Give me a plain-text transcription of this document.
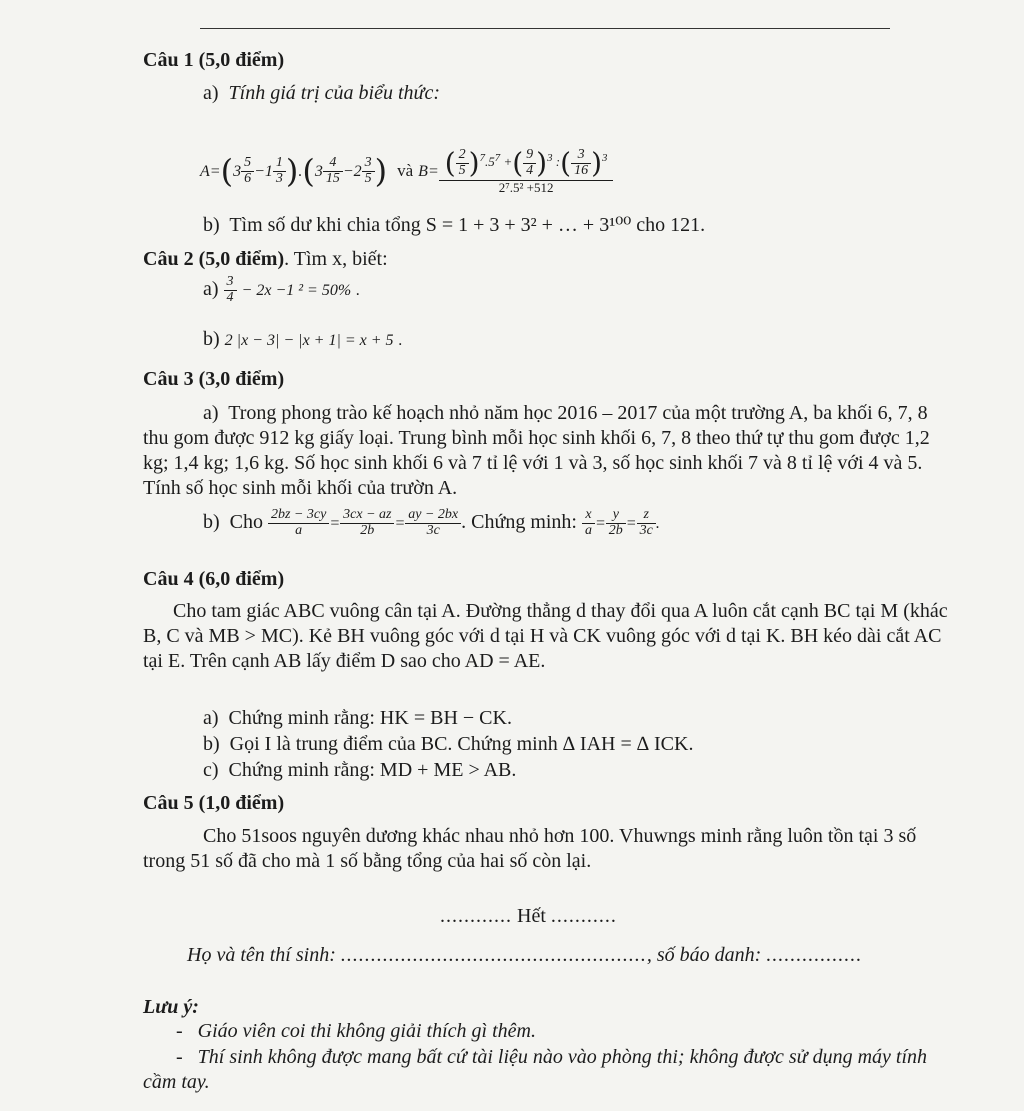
Câu 1 (5,0 điểm)
a) Tính giá trị của biểu thức:
$A=(3 \frac{5}{6} -1 \frac{1}{3} ).(3 \frac{4}{15} -2 \frac{3}{5}$ ) và $B= \frac{( \frac{2}{5} )^7.5^7 +( \frac{9}{4} )^3 :( \frac{3}{16} )^3}{\text{2⁷.5² +512}}$
b) Tìm số dư khi chia tổng S = 1 + 3 + 3² + … + 3¹⁰⁰ cho 121.
Câu 2 (5,0 điểm). Tìm x, biết:
$a) \frac{3}{4} - 2x -1$ ² = 50% .
b) 2 |x − 3| − |x + 1| = x + 5 .
Câu 3 (3,0 điểm)
a) Trong phong trào kế hoạch nhỏ năm học 2016 – 2017 của một trường A, ba khối 6, 7, 8 thu gom được 912 kg giấy loại. Trung bình mỗi học sinh khối 6, 7, 8 theo thứ tự thu gom được 1,2 kg; 1,4 kg; 1,6 kg. Số học sinh khối 6 và 7 tỉ lệ với 1 và 3, số học sinh khối 7 và 8 tỉ lệ với 4 và 5. Tính số học sinh mỗi khối của trườn A.
b) Cho $\frac{2bz - 3cy}{a} = \frac{3cx - az}{2b} = \frac{ay - 2bx}{3c}$ . Chứng minh: $\frac{x}{a} = \frac{y}{2b} = \frac{z}{3c}$ .
Câu 4 (6,0 điểm)
Cho tam giác ABC vuông cân tại A. Đường thẳng d thay đổi qua A luôn cắt cạnh BC tại M (khác B, C và MB > MC). Kẻ BH vuông góc với d tại H và CK vuông góc với d tại K. BH kéo dài cắt AC tại E. Trên cạnh AB lấy điểm D sao cho AD = AE.
a) Chứng minh rằng: HK = BH − CK.
b) Gọi I là trung điểm của BC. Chứng minh ∆ IAH = ∆ ICK.
c) Chứng minh rằng: MD + ME > AB.
Câu 5 (1,0 điểm)
Cho 51soos nguyên dương khác nhau nhỏ hơn 100. Vhuwngs minh rằng luôn tồn tại 3 số trong 51 số đã cho mà 1 số bằng tổng của hai số còn lại.
............ Hết ...........
Họ và tên thí sinh: ..................................................., số báo danh: ................
Lưu ý:
- Giáo viên coi thi không giải thích gì thêm.
- Thí sinh không được mang bất cứ tài liệu nào vào phòng thi; không được sử dụng máy tính cầm tay.
